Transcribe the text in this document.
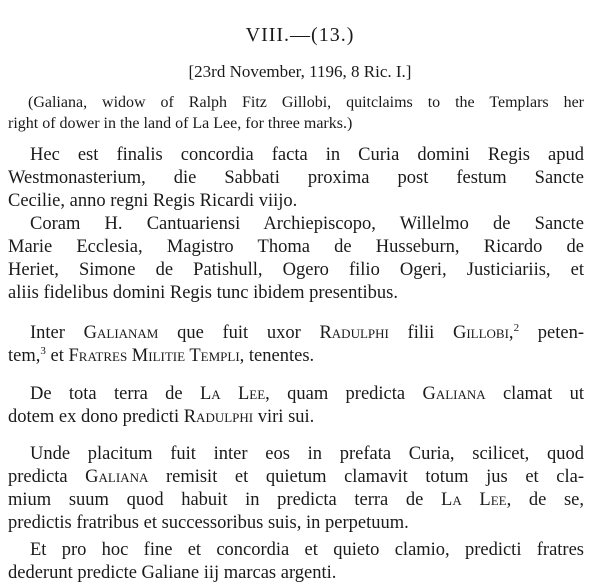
VIII.—(13.)
[23rd November, 1196, 8 Ric. I.]
(Galiana, widow of Ralph Fitz Gillobi, quitclaims to the Templars her
right of dower in the land of La Lee, for three marks.)
Hec est finalis concordia facta in Curia domini Regis apud
Westmonasterium, die Sabbati proxima post festum Sancte
Cecilie, anno regni Regis Ricardi viijo.
Coram H. Cantuariensi Archiepiscopo, Willelmo de Sancte
Marie Ecclesia, Magistro Thoma de Husseburn, Ricardo de
Heriet, Simone de Patishull, Ogero filio Ogeri, Justiciariis, et
aliis fidelibus domini Regis tunc ibidem presentibus.
Inter Galianam que fuit uxor Radulphi filii Gillobi,$^2$ peten-
tem,$^3$ et Fratres Militie Templi, tenentes.
De tota terra de La Lee, quam predicta Galiana clamat ut
dotem ex dono predicti Radulphi viri sui.
Unde placitum fuit inter eos in prefata Curia, scilicet, quod
predicta Galiana remisit et quietum clamavit totum jus et cla-
mium suum quod habuit in predicta terra de La Lee, de se,
predictis fratribus et successoribus suis, in perpetuum.
Et pro hoc fine et concordia et quieto clamio, predicti fratres
dederunt predicte Galiane iij marcas argenti.
